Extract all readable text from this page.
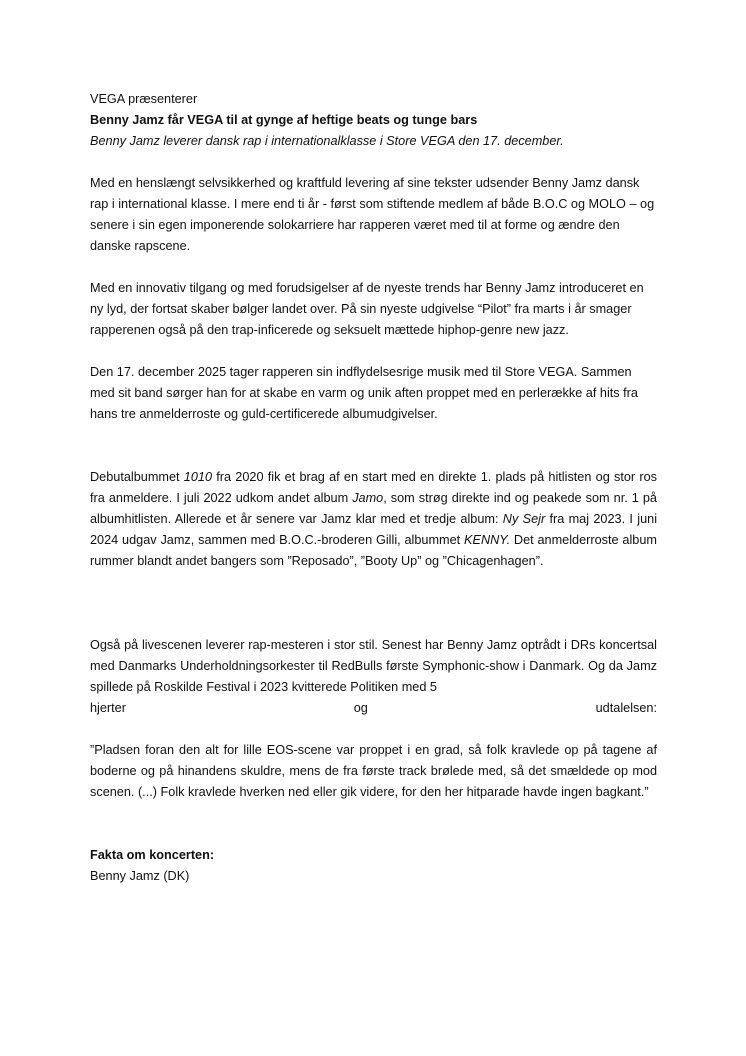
VEGA præsenterer

Benny Jamz får VEGA til at gynge af heftige beats og tunge bars

Benny Jamz leverer dansk rap i internationalklasse i Store VEGA den 17. december.

Med en henslængt selvsikkerhed og kraftfuld levering af sine tekster udsender Benny Jamz dansk rap i international klasse. I mere end ti år - først som stiftende medlem af både B.O.C og MOLO – og senere i sin egen imponerende solokarriere har rapperen været med til at forme og ændre den danske rapscene.

Med en innovativ tilgang og med forudsigelser af de nyeste trends har Benny Jamz introduceret en ny lyd, der fortsat skaber bølger landet over. På sin nyeste udgivelse “Pilot” fra marts i år smager rapperenen også på den trap-inficerede og seksuelt mættede hiphop-genre new jazz.

Den 17. december 2025 tager rapperen sin indflydelsesrige musik med til Store VEGA. Sammen med sit band sørger han for at skabe en varm og unik aften proppet med en perlerække af hits fra hans tre anmelderroste og guld-certificerede albumudgivelser.

Debutalbummet 1010 fra 2020 fik et brag af en start med en direkte 1. plads på hitlisten og stor ros fra anmeldere. I juli 2022 udkom andet album Jamo, som strøg direkte ind og peakede som nr. 1 på albumhitlisten. Allerede et år senere var Jamz klar med et tredje album: Ny Sejr fra maj 2023. I juni 2024 udgav Jamz, sammen med B.O.C.-broderen Gilli, albummet KENNY. Det anmelderroste album rummer blandt andet bangers som ”Reposado”, ”Booty Up” og ”Chicagenhagen”.

Også på livescenen leverer rap-mesteren i stor stil. Senest har Benny Jamz optrådt i DRs koncertsal med Danmarks Underholdningsorkester til RedBulls første Symphonic-show i Danmark. Og da Jamz spillede på Roskilde Festival i 2023 kvitterede Politiken med 5

hjerter	og	udtalelsen:

”Pladsen foran den alt for lille EOS-scene var proppet i en grad, så folk kravlede op på tagene af boderne og på hinandens skuldre, mens de fra første track brølede med, så det smældede op mod scenen. (...) Folk kravlede hverken ned eller gik videre, for den her hitparade havde ingen bagkant.”

Fakta om koncerten:

Benny Jamz (DK)
